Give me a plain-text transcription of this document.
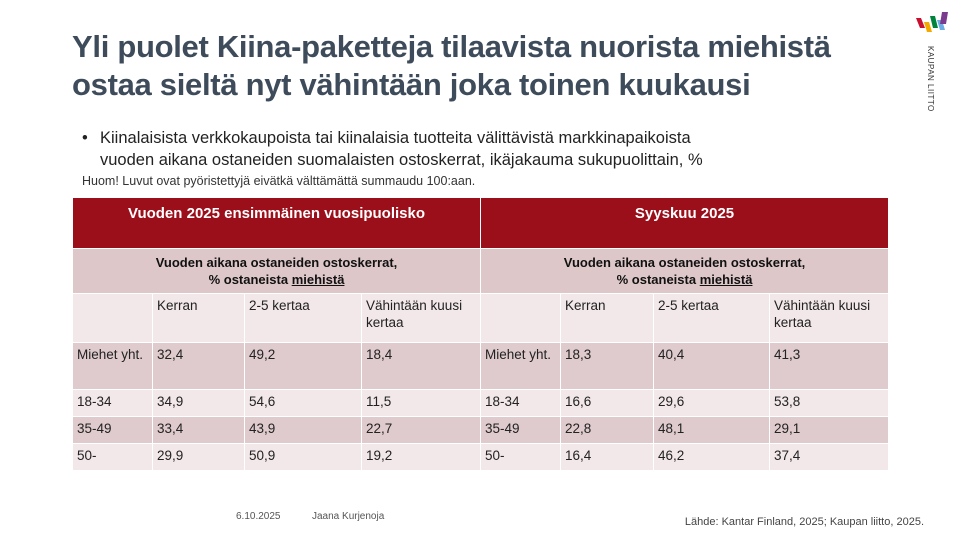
Yli puolet Kiina-paketteja tilaavista nuorista miehistä
ostaa sieltä nyt vähintään joka toinen kuukausi	KAUPAN LIITTO
• Kiinalaisista verkkokaupoista tai kiinalaisia tuotteita välittävistä markkinapaikoista
vuoden aikana ostaneiden suomalaisten ostoskerrat, ikäjakauma sukupuolittain, %
Huom! Luvut ovat pyöristettyjä eivätkä välttämättä summaudu 100:aan.
Vuoden 2025 ensimmäinen vuosipuolisko				Syyskuu 2025			
Vuoden aikana ostaneiden ostoskerrat,
% ostaneista miehistä				Vuoden aikana ostaneiden ostoskerrat,
% ostaneista miehistä			
	Kerran	2-5 kertaa	Vähintään kuusi kertaa		Kerran	2-5 kertaa	Vähintään kuusi kertaa
Miehet yht.	32,4	49,2	18,4	Miehet yht.	18,3	40,4	41,3
18-34	34,9	54,6	11,5	18-34	16,6	29,6	53,8
35-49	33,4	43,9	22,7	35-49	22,8	48,1	29,1
50-	29,9	50,9	19,2	50-	16,4	46,2	37,4
6.10.2025	Jaana Kurjenoja	Lähde: Kantar Finland, 2025; Kaupan liitto, 2025.
